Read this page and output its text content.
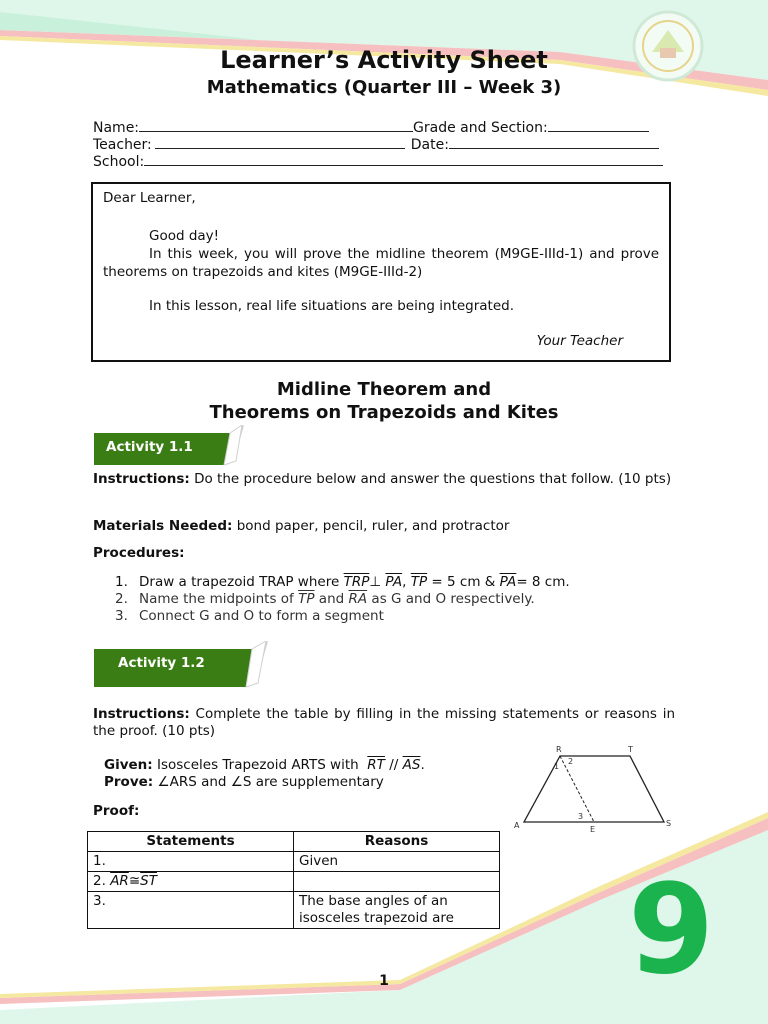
Learner’s Activity Sheet
Mathematics (Quarter III – Week 3)
Name:	Grade and Section:
Teacher:	Date:
School:

Dear Learner,

Good day!

In this week, you will prove the midline theorem (M9GE-IIId-1) and prove theorems on trapezoids and kites (M9GE-IIId-2)

In this lesson, real life situations are being integrated.

Your Teacher
Midline Theorem and
Theorems on Trapezoids and Kites
Activity 1.1
Instructions: Do the procedure below and answer the questions that follow. (10 pts)
Materials Needed: bond paper, pencil, ruler, and protractor
Procedures:
1. Draw a trapezoid TRAP where $\overline{TRP}\perp$ $\overline{PA}$, $\overline{TP} = 5$ cm & $\overline{PA}= 8$ cm.
2. Name the midpoints of $\overline{TP}$ and $\overline{RA}$ as G and O respectively.
3. Connect G and O to form a segment
Activity 1.2
Instructions: Complete the table by filling in the missing statements or reasons in the proof. (10 pts)
Given: Isosceles Trapezoid ARTS with $\overline{RT} // \overline{AS}$.
Prove: ∠ARS and ∠S are supplementary
Proof:
R	T
A	S
E
1
2
3
Statements	Reasons
1.	Given
2. $\overline{AR}≅\overline{ST}$	
3.	The base angles of an isosceles trapezoid are 9
1
